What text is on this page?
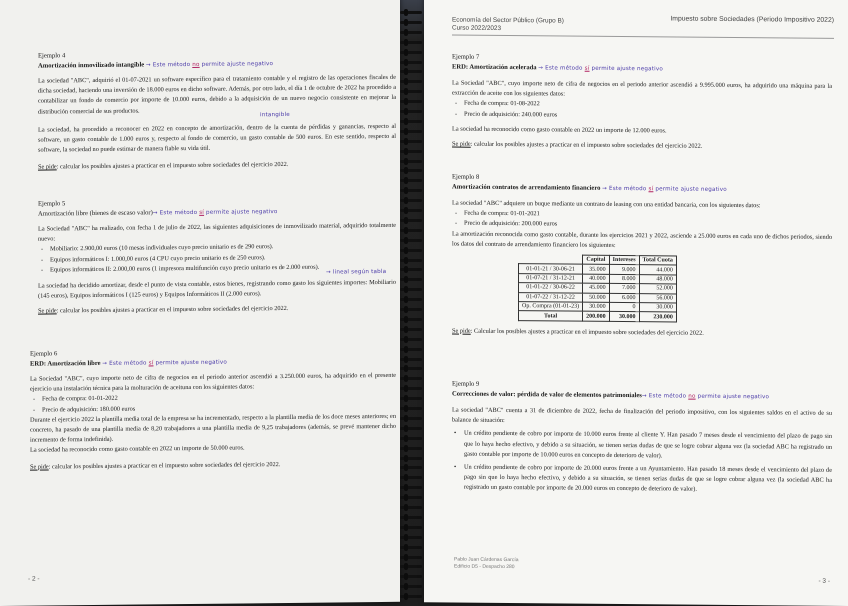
Ejemplo 4

Amortización inmovilizado intangible → Este método no permite ajuste negativo

La sociedad "ABC", adquirió el 01-07-2021 un software específico para el tratamiento contable y el registro de las operaciones fiscales de dicha sociedad, haciendo una inversión de 18.000 euros en dicho software. Además, por otro lado, el día 1 de octubre de 2022 ha procedido a contabilizar un fondo de comercio por importe de 10.000 euros, debido a la adquisición de un nuevo negocio consistente en mejorar la distribución comercial de sus productos.	intangible

La sociedad, ha procedido a reconocer en 2022 en concepto de amortización, dentro de la cuenta de pérdidas y ganancias, respecto al software, un gasto contable de 1.000 euros y, respecto al fondo de comercio, un gasto contable de 500 euros. En este sentido, respecto al software, la sociedad no puede estimar de manera fiable su vida útil.

Se pide: calcular los posibles ajustes a practicar en el impuesto sobre sociedades del ejercicio 2022.

Ejemplo 5

Amortización libre (bienes de escaso valor)→ Este método sí permite ajuste negativo

La Sociedad "ABC" ha realizado, con fecha 1 de julio de 2022, las siguientes adquisiciones de inmovilizado material, adquirido totalmente nuevo:

- Mobiliario: 2.900,00 euros (10 mesas individuales cuyo precio unitario es de 290 euros).

- Equipos informáticos I: 1.000,00 euros (4 CPU cuyo precio unitario es de 250 euros).

- Equipos informáticos II: 2.000,00 euros (1 impresora multifunción cuyo precio unitario es de 2.000 euros).	→ lineal según tabla

La sociedad ha decidido amortizar, desde el punto de vista contable, estos bienes, registrando como gasto los siguientes importes: Mobiliario (145 euros), Equipos informáticos I (125 euros) y Equipos Informáticos II (2.000 euros).

Se pide: calcular los posibles ajustes a practicar en el impuesto sobre sociedades del ejercicio 2022.

Ejemplo 6

ERD: Amortización libre → Este método sí permite ajuste negativo

La Sociedad "ABC", cuyo importe neto de cifra de negocios en el periodo anterior ascendió a 3.250.000 euros, ha adquirido en el presente ejercicio una instalación técnica para la molturación de aceituna con los siguientes datos:

- Fecha de compra: 01-01-2022

- Precio de adquisición: 180.000 euros

Durante el ejercicio 2022 la plantilla media total de la empresa se ha incrementado, respecto a la plantilla media de los doce meses anteriores; en concreto, ha pasado de una plantilla media de 8,20 trabajadores a una plantilla media de 9,25 trabajadores (además, se prevé mantener dicho incremento de forma indefinida).

La sociedad ha reconocido como gasto contable en 2022 un importe de 50.000 euros.

Se pide: calcular los posibles ajustes a practicar en el impuesto sobre sociedades del ejercicio 2022.

- 2 -
Economía del Sector Público (Grupo B)
Curso 2022/2023
Impuesto sobre Sociedades (Periodo Impositivo 2022)

Ejemplo 7

ERD: Amortización acelerada → Este método sí permite ajuste negativo

La Sociedad "ABC", cuyo importe neto de cifra de negocios en el periodo anterior ascendió a 9.995.000 euros, ha adquirido una máquina para la extracción de aceite con los siguientes datos:

- Fecha de compra: 01-08-2022

- Precio de adquisición: 240.000 euros

La sociedad ha reconocido como gasto contable en 2022 un importe de 12.000 euros.

Se pide: calcular los posibles ajustes a practicar en el impuesto sobre sociedades del ejercicio 2022.

Ejemplo 8

Amortización contratos de arrendamiento financiero → Este método sí permite ajuste negativo

La sociedad "ABC" adquiere un buque mediante un contrato de leasing con una entidad bancaria, con los siguientes datos:

- Fecha de compra: 01-01-2021

- Precio de adquisición: 200.000 euros

La amortización reconocida como gasto contable, durante los ejercicios 2021 y 2022, asciende a 25.000 euros en cada uno de dichos periodos, siendo los datos del contrato de arrendamiento financiero los siguientes:

	Capital	Intereses	Total Cuota
01-01-21 / 30-06-21	35.000	9.000	44.000
01-07-21 / 31-12-21	40.000	8.000	48.000
01-01-22 / 30-06-22	45.000	7.000	52.000
01-07-22 / 31-12-22	50.000	6.000	56.000
Op. Compra (01-01-23)	30.000	0	30.000
Total	200.000	30.000	230.000

Se pide: Calcular los posibles ajustes a practicar en el impuesto sobre sociedades del ejercicio 2022.

Ejemplo 9

Correcciones de valor: pérdida de valor de elementos patrimoniales→ Este método no permite ajuste negativo

La sociedad "ABC" cuenta a 31 de diciembre de 2022, fecha de finalización del periodo impositivo, con los siguientes saldos en el activo de su balance de situación:

• Un crédito pendiente de cobro por importe de 10.000 euros frente al cliente Y. Han pasado 7 meses desde el vencimiento del plazo de pago sin que lo haya hecho efectivo, y debido a su situación, se tienen serias dudas de que se logre cobrar alguna vez (la sociedad ABC ha registrado un gasto contable por importe de 10.000 euros en concepto de deterioro de valor).

• Un crédito pendiente de cobro por importe de 20.000 euros frente a un Ayuntamiento. Han pasado 18 meses desde el vencimiento del plazo de pago sin que lo haya hecho efectivo, y debido a su situación, se tienen serias dudas de que se logre cobrar alguna vez (la sociedad ABC ha registrado un gasto contable por importe de 20.000 euros en concepto de deterioro de valor).

Pablo Juan Cárdenas García
Edificio D5 - Despacho 280
- 3 -
